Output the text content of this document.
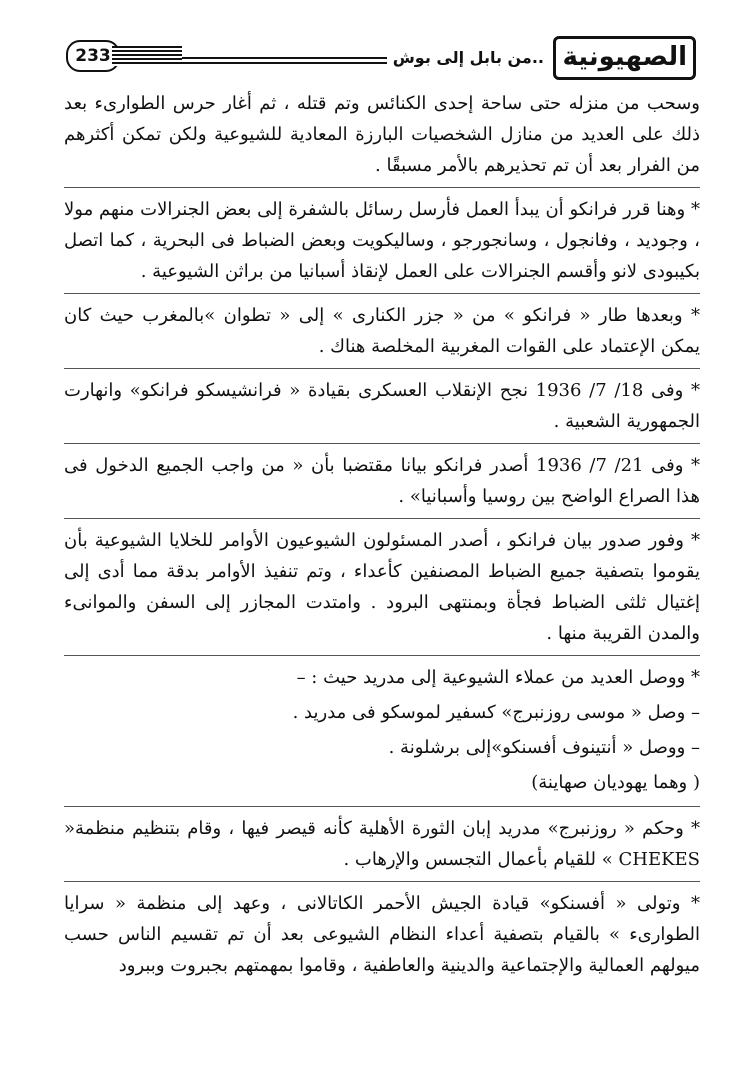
233	..من بابل إلى بوش الصهيونية

وسحب من منزله حتى ساحة إحدى الكنائس وتم قتله ، ثم أغار حرس الطوارىء بعد ذلك على العديد من منازل الشخصيات البارزة المعادية للشيوعية ولكن تمكن أكثرهم من الفرار بعد أن تم تحذيرهم بالأمر مسبقًا .

* وهنا قرر فرانكو أن يبدأ العمل فأرسل رسائل بالشفرة إلى بعض الجنرالات منهم مولا ، وجوديد ، وفانجول ، وسانجورجو ، وساليكويت وبعض الضباط فى البحرية ، كما اتصل بكيبودى لانو وأقسم الجنرالات على العمل لإنقاذ أسبانيا من براثن الشيوعية .

* وبعدها طار « فرانكو » من « جزر الكنارى » إلى « تطوان »بالمغرب حيث كان يمكن الإعتماد على القوات المغربية المخلصة هناك .

* وفى 18/ 7/ 1936 نجح الإنقلاب العسكرى بقيادة « فرانشيسكو فرانكو» وانهارت الجمهورية الشعبية .

* وفى 21/ 7/ 1936 أصدر فرانكو بيانا مقتضبا بأن « من واجب الجميع الدخول فى هذا الصراع الواضح بين روسيا وأسبانيا» .

* وفور صدور بيان فرانكو ، أصدر المسئولون الشيوعيون الأوامر للخلايا الشيوعية بأن يقوموا بتصفية جميع الضباط المصنفين كأعداء ، وتم تنفيذ الأوامر بدقة مما أدى إلى إغتيال ثلثى الضباط فجأة وبمنتهى البرود . وامتدت المجازر إلى السفن والموانىء والمدن القريبة منها .

* ووصل العديد من عملاء الشيوعية إلى مدريد حيث : –

– وصل « موسى روزنبرج» كسفير لموسكو فى مدريد .

– ووصل « أنتينوف أفسنكو»إلى برشلونة .

( وهما يهوديان صهاينة)

* وحكم « روزنبرج» مدريد إبان الثورة الأهلية كأنه قيصر فيها ، وقام بتنظيم منظمة« CHEKES » للقيام بأعمال التجسس والإرهاب .

* وتولى « أفسنكو» قيادة الجيش الأحمر الكاتالانى ، وعهد إلى منظمة « سرايا الطوارىء » بالقيام بتصفية أعداء النظام الشيوعى بعد أن تم تقسيم الناس حسب ميولهم العمالية والإجتماعية والدينية والعاطفية ، وقاموا بمهمتهم بجبروت وببرود
